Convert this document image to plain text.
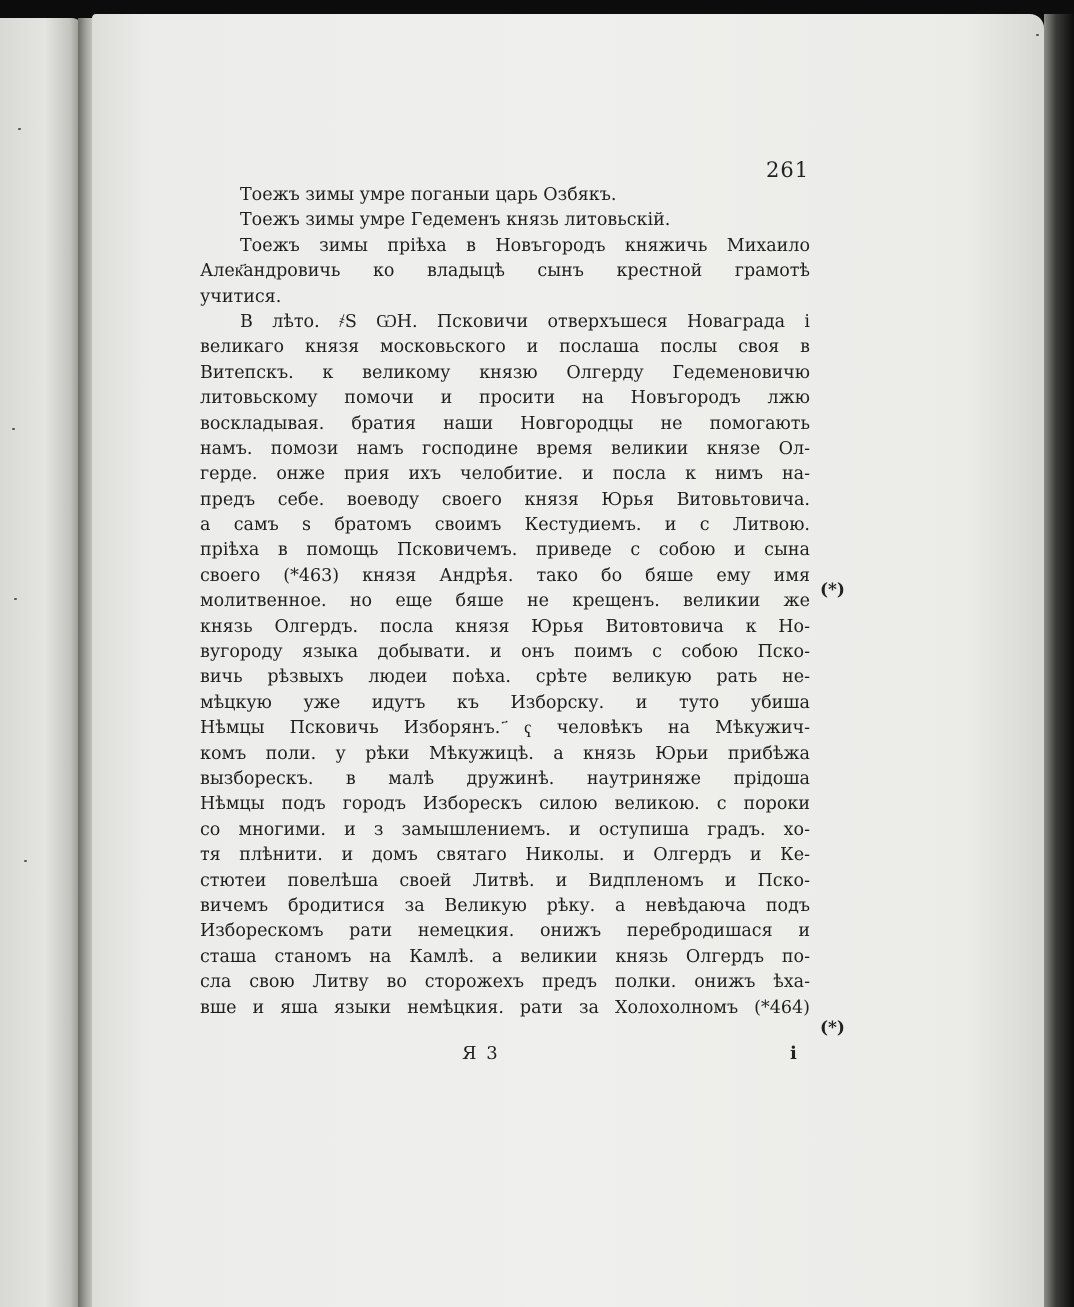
261
Тоежъ зимы умре поганыи царь Озбякъ.
Тоежъ зимы умре Гедеменъ князь литовьскій.
Тоежъ зимы пріѣха в Новъгородъ княжичь Михаило
Алек҃андровичь ко владыцѣ сынъ крестной грамотѣ
учитися.
В лѣто. ҂S ѠН. Псковичи отверхъшеся Новаграда і
великаго князя московьского и послаша послы своя в
Витепскъ. к великому князю Олгерду Гедеменовичю
литовьскому помочи и просити на Новъгородъ лжю
воскладывая. братия наши Новгородцы не помогають
намъ. помози намъ господине время великии князе Ол-
герде. онже прия ихъ челобитие. и посла к нимъ на-
предъ себе. воеводу своего князя Юрья Витовьтовича.
а самъ s братомъ своимъ Кестудиемъ. и с Литвою.
пріѣха в помощь Псковичемъ. приведе с собою и сына
своего (*463) князя Андрѣя. тако бо бяше ему имя
молитвенное. но еще бяше не крещенъ. великии же
князь Олгердъ. посла князя Юрья Витовтовича к Но-
вугороду языка добывати. и онъ поимъ с собою Пско-
вичь рѣзвыхъ людеи поѣха. срѣте великую рать не-
мѣцкую уже идутъ къ Изборску. и туто убиша
Нѣмцы Псковичь Изборянъ. ҃ҁ человѣкъ на Мѣкужич-
комъ поли. у рѣки Мѣкужицѣ. а князь Юрьи прибѣжа
вызборескъ. в малѣ дружинѣ. наутриняже прідоша
Нѣмцы подъ городъ Изборескъ силою великою. с пороки
со многими. и з замышлениемъ. и оступиша градъ. хо-
тя плѣнити. и домъ святаго Николы. и Олгердъ и Ке-
стютеи повелѣша своей Литвѣ. и Видпленомъ и Пско-
вичемъ бродитися за Великую рѣку. а невѣдаюча подъ
Изборескомъ рати немецкия. онижъ перебродишася и
сташа станомъ на Камлѣ. а великии князь Олгердъ по-
сла свою Литву во сторожехъ предъ полки. онижъ ѣха-
вше и яша языки немѣцкия. рати за Холохолномъ (*464)
(*)
(*)
Я 3	і
